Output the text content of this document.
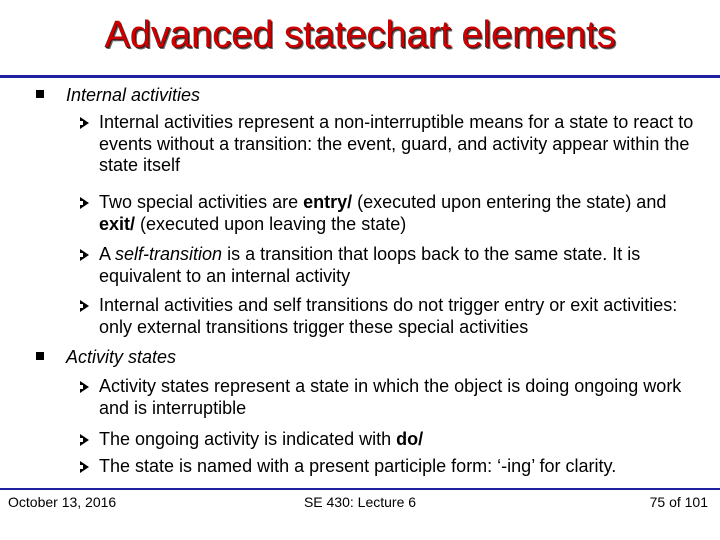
Advanced statechart elements
Internal activities
Internal activities represent a non-interruptible means for a state to react to events without a transition: the event, guard, and activity appear within the state itself
Two special activities are entry/ (executed upon entering the state) and exit/ (executed upon leaving the state)
A self-transition is a transition that loops back to the same state. It is equivalent to an internal activity
Internal activities and self transitions do not trigger entry or exit activities: only external transitions trigger these special activities
Activity states
Activity states represent a state in which the object is doing ongoing work and is interruptible
The ongoing activity is indicated with do/
The state is named with a present participle form: ‘-ing’ for clarity.
October 13, 2016	SE 430: Lecture 6	75 of 101
